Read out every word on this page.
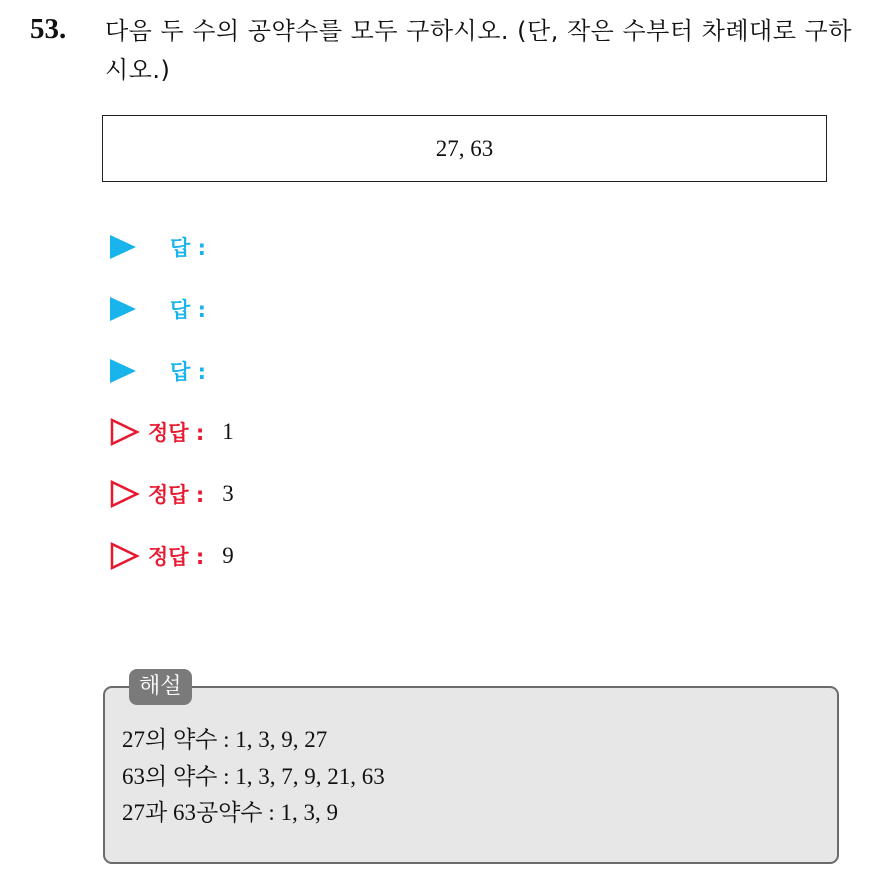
53. 다음 두 수의 공약수를 모두 구하시오. (단, 작은 수부터 차례대로 구하시오.)
27, 63
답 :
답 :
답 :
정답 : 1
정답 : 3
정답 : 9
해설
27의 약수 : 1, 3, 9, 27
63의 약수 : 1, 3, 7, 9, 21, 63
27과 63공약수 : 1, 3, 9
